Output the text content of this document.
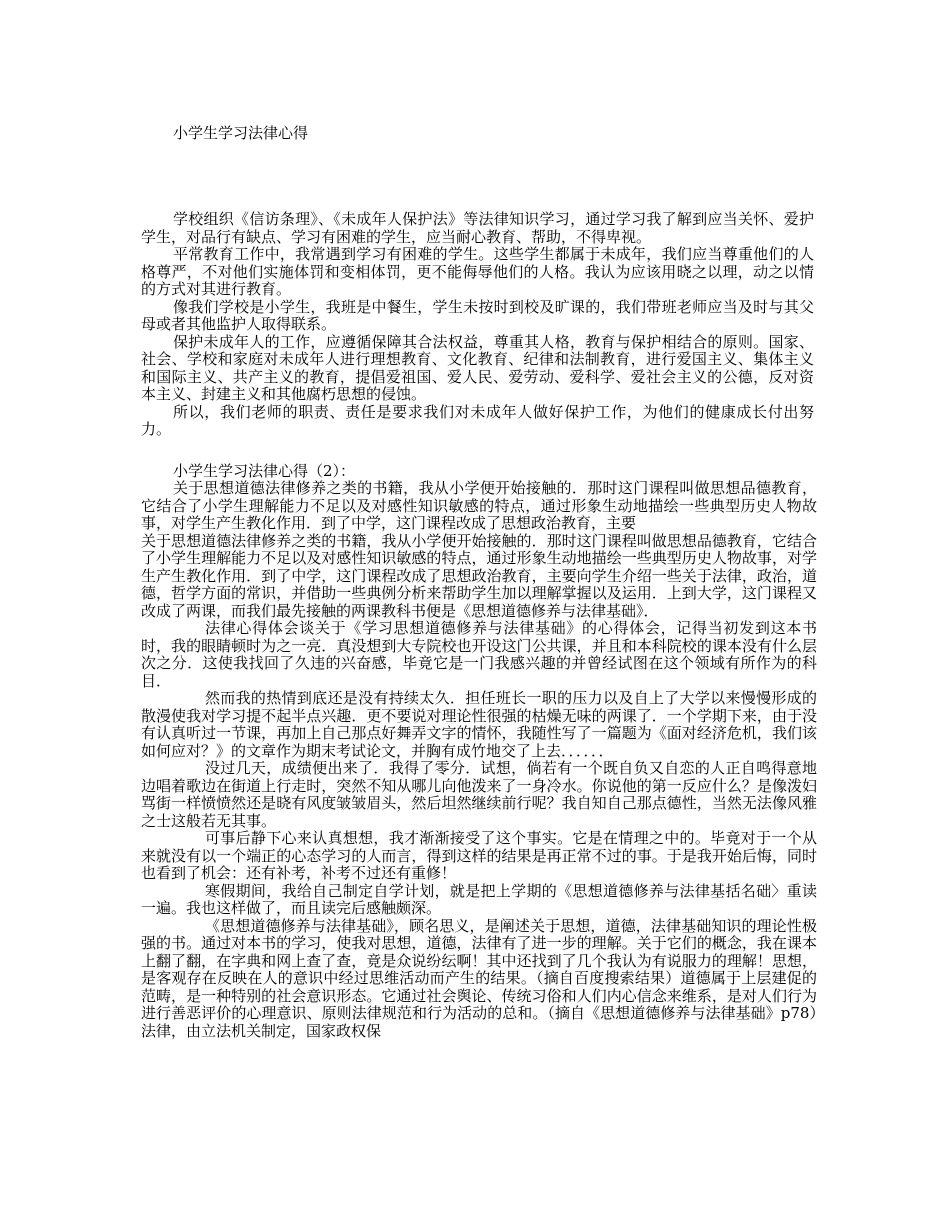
小学生学习法律心得

学校组织《信访条理》、《未成年人保护法》等法律知识学习，通过学习我了解到应当关怀、爱护学生，对品行有缺点、学习有困难的学生，应当耐心教育、帮助，不得卑视。

平常教育工作中，我常遇到学习有困难的学生。这些学生都属于未成年，我们应当尊重他们的人格尊严，不对他们实施体罚和变相体罚，更不能侮辱他们的人格。我认为应该用晓之以理，动之以情的方式对其进行教育。

像我们学校是小学生，我班是中餐生，学生未按时到校及旷课的，我们带班老师应当及时与其父母或者其他监护人取得联系。

保护未成年人的工作，应遵循保障其合法权益，尊重其人格，教育与保护相结合的原则。国家、社会、学校和家庭对未成年人进行理想教育、文化教育、纪律和法制教育，进行爱国主义、集体主义和国际主义、共产主义的教育，提倡爱祖国、爱人民、爱劳动、爱科学、爱社会主义的公德，反对资本主义、封建主义和其他腐朽思想的侵蚀。

所以，我们老师的职责、责任是要求我们对未成年人做好保护工作，为他们的健康成长付出努力。

小学生学习法律心得（2）：

关于思想道德法律修养之类的书籍，我从小学便开始接触的．那时这门课程叫做思想品德教育，它结合了小学生理解能力不足以及对感性知识敏感的特点，通过形象生动地描绘一些典型历史人物故事，对学生产生教化作用．到了中学，这门课程改成了思想政治教育，主要

关于思想道德法律修养之类的书籍，我从小学便开始接触的．那时这门课程叫做思想品德教育，它结合了小学生理解能力不足以及对感性知识敏感的特点，通过形象生动地描绘一些典型历史人物故事，对学生产生教化作用．到了中学，这门课程改成了思想政治教育，主要向学生介绍一些关于法律，政治，道德，哲学方面的常识，并借助一些典例分析来帮助学生加以理解掌握以及运用．上到大学，这门课程又改成了两课，而我们最先接触的两课教科书便是《思想道德修养与法律基础》．

法律心得体会谈关于《学习思想道德修养与法律基础》的心得体会，记得当初发到这本书时，我的眼睛顿时为之一亮．真没想到大专院校也开设这门公共课，并且和本科院校的课本没有什么层次之分．这使我找回了久违的兴奋感，毕竟它是一门我感兴趣的并曾经试图在这个领域有所作为的科目．

然而我的热情到底还是没有持续太久．担任班长一职的压力以及自上了大学以来慢慢形成的散漫使我对学习提不起半点兴趣．更不要说对理论性很强的枯燥无味的两课了．一个学期下来，由于没有认真听过一节课，再加上自己那点好舞弄文字的情怀，我随性写了一篇题为《面对经济危机，我们该如何应对？》的文章作为期末考试论文，并胸有成竹地交了上去．．．．．．

没过几天，成绩便出来了．我得了零分．试想，倘若有一个既自负又自恋的人正自鸣得意地边唱着歌边在街道上行走时，突然不知从哪儿向他泼来了一身冷水。你说他的第一反应什么？是像泼妇骂街一样愤愤然还是晓有风度皱皱眉头，然后坦然继续前行呢？我自知自己那点德性，当然无法像风雅之士这般若无其事。

可事后静下心来认真想想，我才渐渐接受了这个事实。它是在情理之中的。毕竟对于一个从来就没有以一个端正的心态学习的人而言，得到这样的结果是再正常不过的事。于是我开始后悔，同时也看到了机会：还有补考，补考不过还有重修！

寒假期间，我给自己制定自学计划，就是把上学期的《思想道德修养与法律基括名础〉重读一遍。我也这样做了，而且读完后感触颇深。

《思想道德修养与法律基础》，顾名思义，是阐述关于思想，道德，法律基础知识的理论性极强的书。通过对本书的学习，使我对思想，道德，法律有了进一步的理解。关于它们的概念，我在课本上翻了翻，在字典和网上查了查，竟是众说纷纭啊！其中还找到了几个我认为有说服力的理解！思想，是客观存在反映在人的意识中经过思维活动而产生的结果。（摘自百度搜索结果）道德属于上层建促的范畴，是一种特别的社会意识形态。它通过社会舆论、传统习俗和人们内心信念来维系，是对人们行为进行善恶评价的心理意识、原则法律规范和行为活动的总和。（摘自《思想道德修养与法律基础》p78）法律，由立法机关制定，国家政权保
